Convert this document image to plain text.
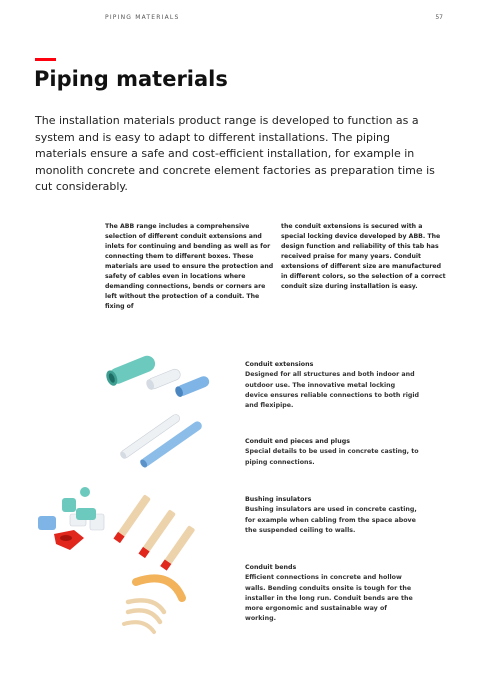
PIPING MATERIALS	57
Piping materials

The installation materials product range is developed to function as a system and is easy to adapt to different installations. The piping materials ensure a safe and cost-efficient installation, for example in monolith concrete and concrete element factories as preparation time is cut considerably.

The ABB range includes a comprehensive selection of different conduit extensions and inlets for continuing and bending as well as for connecting them to different boxes. These materials are used to ensure the protection and safety of cables even in locations where demanding connections, bends or corners are left without the protection of a conduit. The fixing of

the conduit extensions is secured with a special locking device developed by ABB. The design function and reliability of this tab has received praise for many years. Conduit extensions of different size are manufactured in different colors, so the selection of a correct conduit size during installation is easy.

Conduit extensions
Designed for all structures and both indoor and outdoor use. The innovative metal locking device ensures reliable connections to both rigid and flexipipe.
Conduit end pieces and plugs
Special details to be used in concrete casting, to piping connections.
Bushing insulators
Bushing insulators are used in concrete casting, for example when cabling from the space above the suspended ceiling to walls.
Conduit bends
Efficient connections in concrete and hollow walls. Bending conduits onsite is tough for the installer in the long run. Conduit bends are the more ergonomic and sustainable way of working.
